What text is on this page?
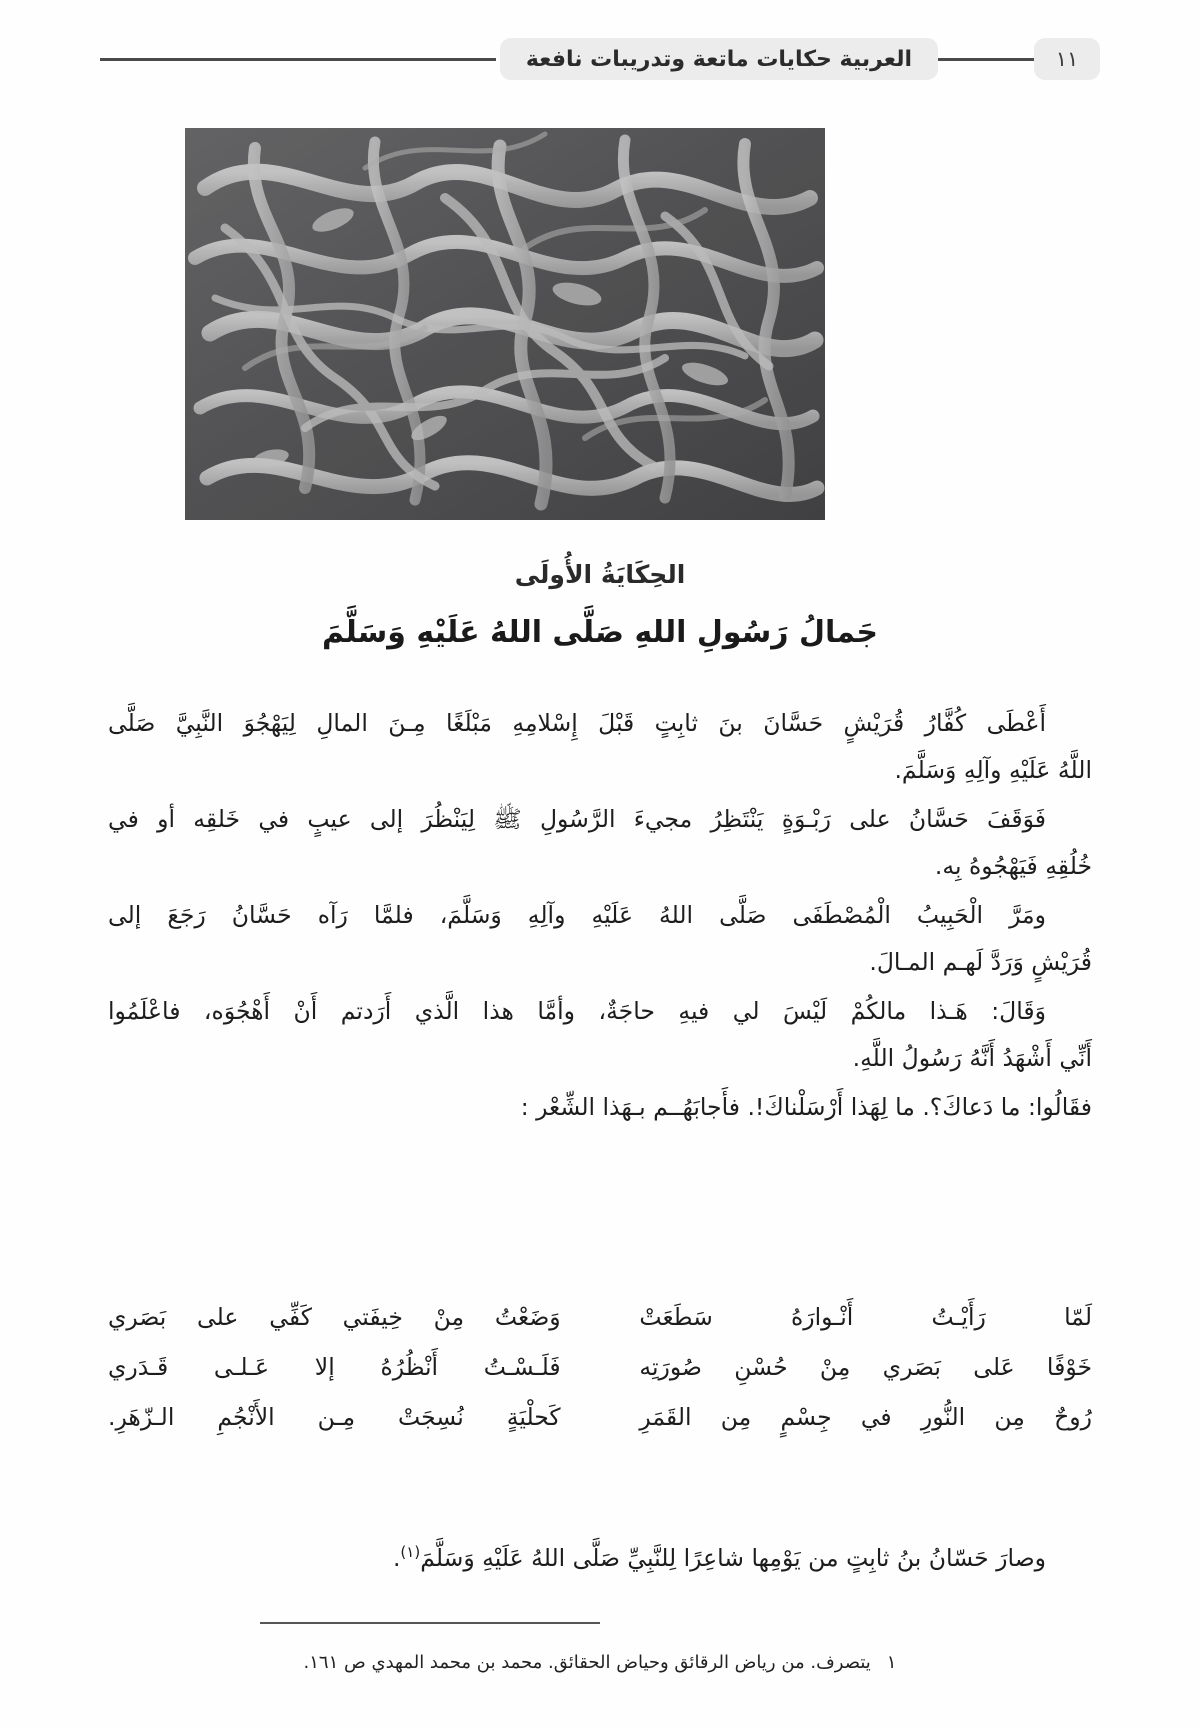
١١
العربية حكايات ماتعة وتدريبات نافعة
الحِكَايَةُ الأُولَى
جَمالُ رَسُولِ اللهِ صَلَّى اللهُ عَلَيْهِ وَسَلَّمَ
أَعْطَى كُفَّارُ قُرَيْشٍ حَسَّانَ بنَ ثابِتٍ قَبْلَ إِسْلامِهِ مَبْلَغًا مِـنَ المالِ لِيَهْجُوَ النَّبِيَّ صَلَّى
اللَّهُ عَلَيْهِ وآلِهِ وَسَلَّمَ.
فَوَقَفَ حَسَّانُ على رَبْـوَةٍ يَنْتَظِرُ مجيءَ الرَّسُولِ ﷺ لِيَنْظُرَ إلى عيبٍ في خَلقِه أو في
خُلُقِهِ فَيَهْجُوهُ بِه.
ومَرَّ الْحَبِيبُ الْمُصْطَفَى صَلَّى اللهُ عَلَيْهِ وآلِهِ وَسَلَّمَ، فلمَّا رَآه حَسَّانُ رَجَعَ إلى
قُرَيْشٍ وَرَدَّ لَهـم المـالَ.
وَقَالَ: هَـذا مالكُمْ لَيْسَ لي فيهِ حاجَةٌ، وأمَّا هذا الَّذي أَرَدتم أَنْ أَهْجُوَه، فاعْلَمُوا
أَنِّي أَشْهَدُ أَنَّهُ رَسُولُ اللَّهِ.
فقَالُوا: ما دَعاكَ؟. ما لِهَذا أَرْسَلْناكَ!. فأَجابَهُــم بـهَذا الشِّعْر :
لَمّا رَأَيْـتُ أَنْـوارَهُ سَطَعَتْ
وَضَعْتُ مِنْ خِيفَتي كَفِّي على بَصَري
خَوْفًا عَلى بَصَري مِنْ حُسْنِ صُورَتِه
فَلَـسْـتُ أَنْظُرُهُ إلا عَـلـى قَـدَري
رُوحٌ مِن النُّورِ في جِسْمٍ مِن القَمَرِ
كَحلْيَةٍ نُسِجَتْ مِـن الأَنْجُمِ الـزّهَرِ.
وصارَ حَسّانُ بنُ ثابِتٍ من يَوْمِها شاعِرًا لِلنَّبِيِّ صَلَّى اللهُ عَلَيْهِ وَسَلَّمَ$^{(١)}$.
١يتصرف. من رياض الرقائق وحياض الحقائق. محمد بن محمد المهدي ص ١٦١.
